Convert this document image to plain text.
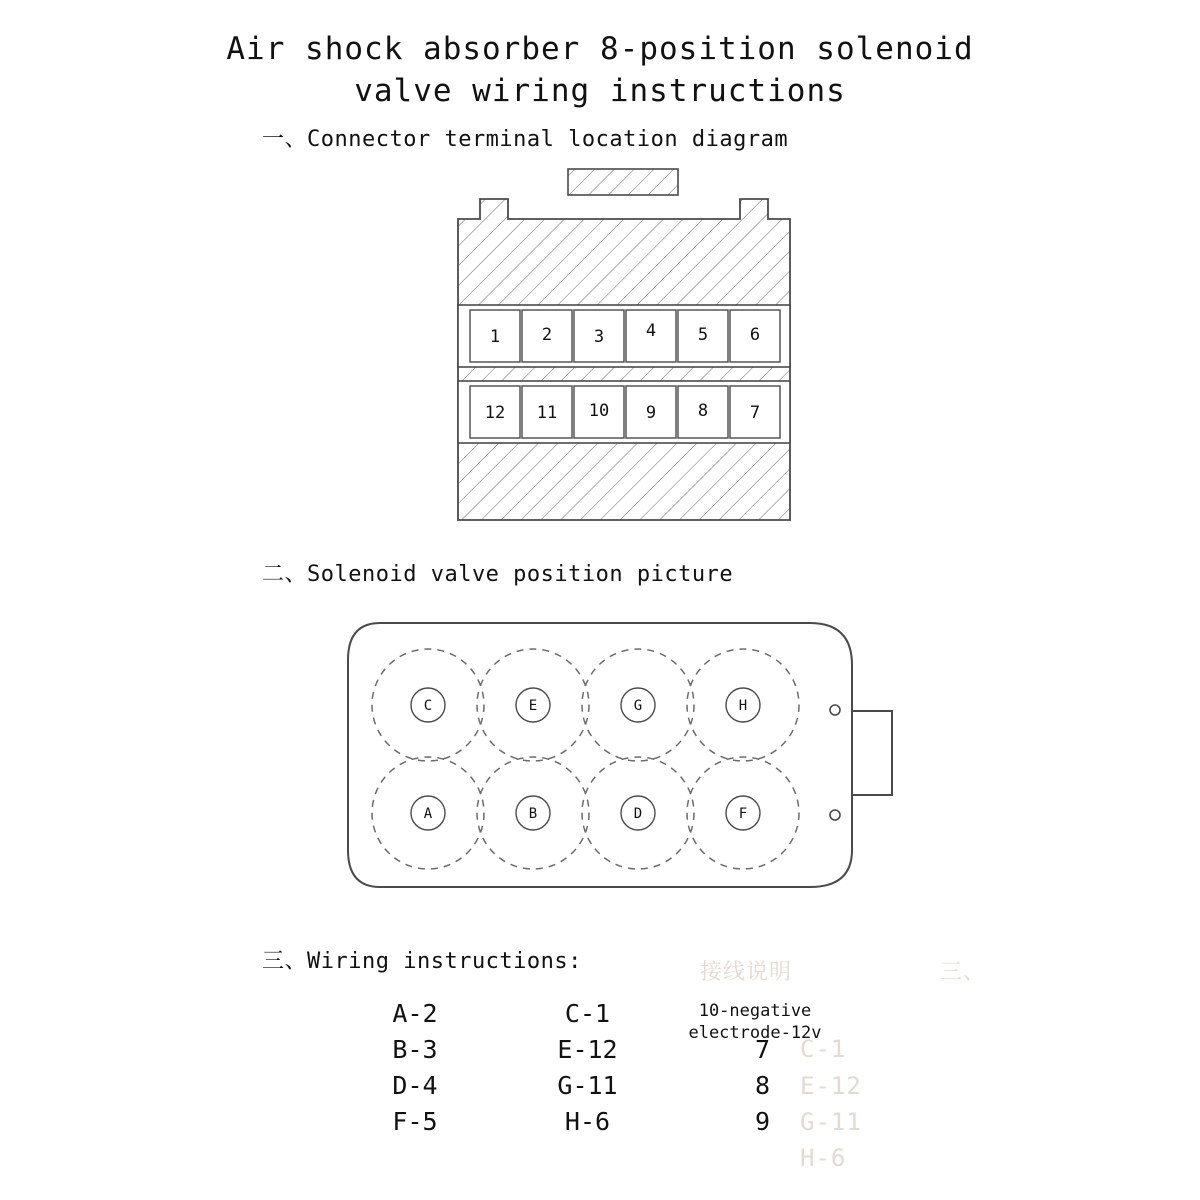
Air shock absorber 8-position solenoid
valve wiring instructions
一、Connector terminal location diagram
1 2 3 4 5 6
12 11 10 9 8 7
二、Solenoid valve position picture
C	E	G	H
A	B	D	F
三、Wiring instructions:	三、
接线说明
C-1
E-12
G-11
H-6
10-negative electrode-12v
A-2	C-1
B-3	E-12	7
D-4	G-11	8
F-5	H-6	9
